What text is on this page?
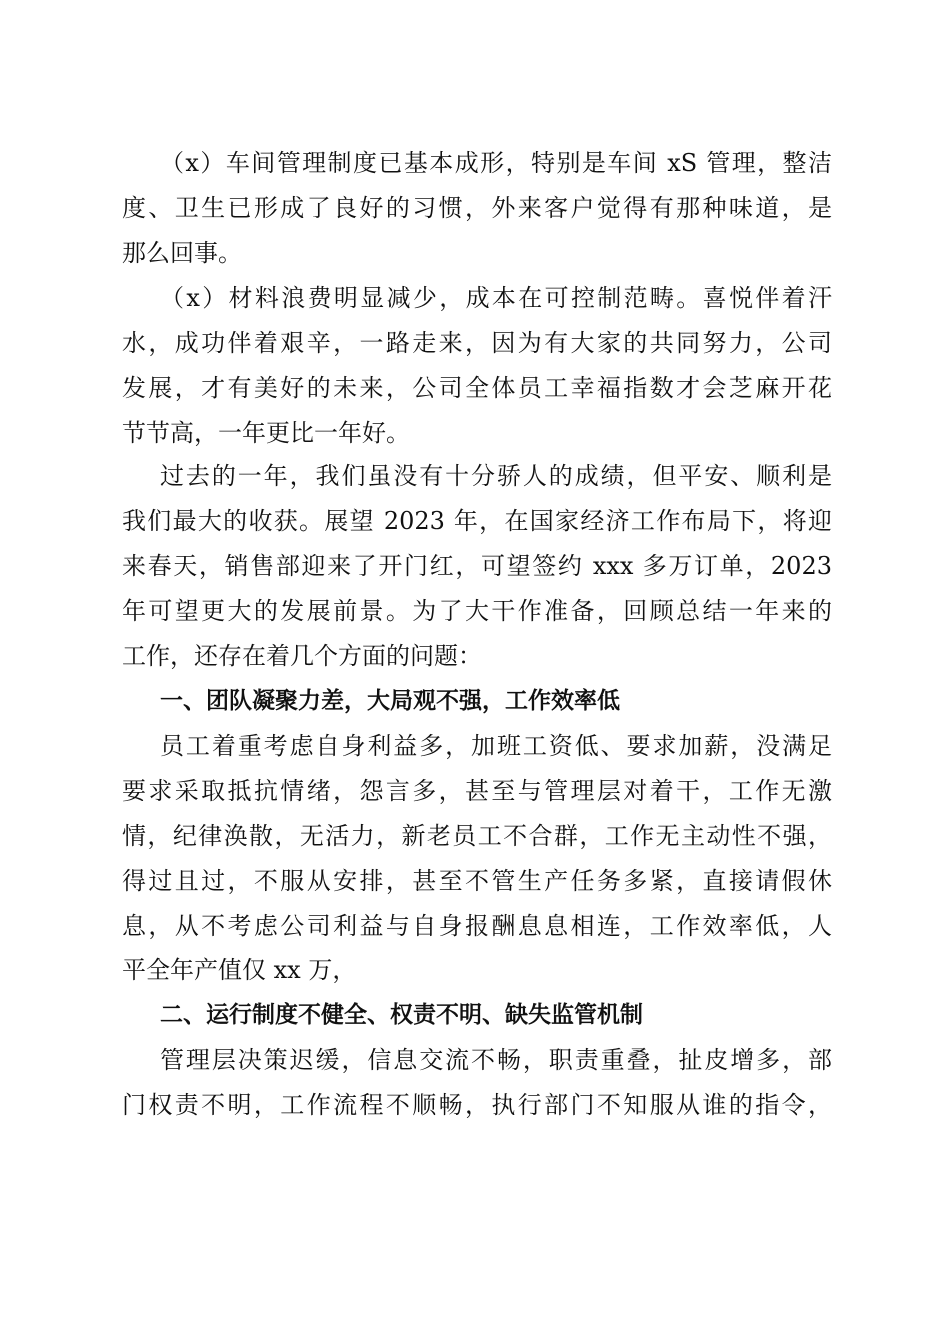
（x）车间管理制度已基本成形，特别是车间 xS 管理，整洁
度、卫生已形成了良好的习惯，外来客户觉得有那种味道，是
那么回事。
（x）材料浪费明显减少，成本在可控制范畴。喜悦伴着汗
水，成功伴着艰辛，一路走来，因为有大家的共同努力，公司
发展，才有美好的未来，公司全体员工幸福指数才会芝麻开花
节节高，一年更比一年好。
过去的一年，我们虽没有十分骄人的成绩，但平安、顺利是
我们最大的收获。展望 2023 年，在国家经济工作布局下，将迎
来春天，销售部迎来了开门红，可望签约 xxx 多万订单，2023
年可望更大的发展前景。为了大干作准备，回顾总结一年来的
工作，还存在着几个方面的问题：
一、团队凝聚力差，大局观不强，工作效率低
员工着重考虑自身利益多，加班工资低、要求加薪，没满足
要求采取抵抗情绪，怨言多，甚至与管理层对着干，工作无激
情，纪律涣散，无活力，新老员工不合群，工作无主动性不强，
得过且过，不服从安排，甚至不管生产任务多紧，直接请假休
息，从不考虑公司利益与自身报酬息息相连，工作效率低，人
平全年产值仅 xx 万，
二、运行制度不健全、权责不明、缺失监管机制
管理层决策迟缓，信息交流不畅，职责重叠，扯皮增多，部
门权责不明，工作流程不顺畅，执行部门不知服从谁的指令，
